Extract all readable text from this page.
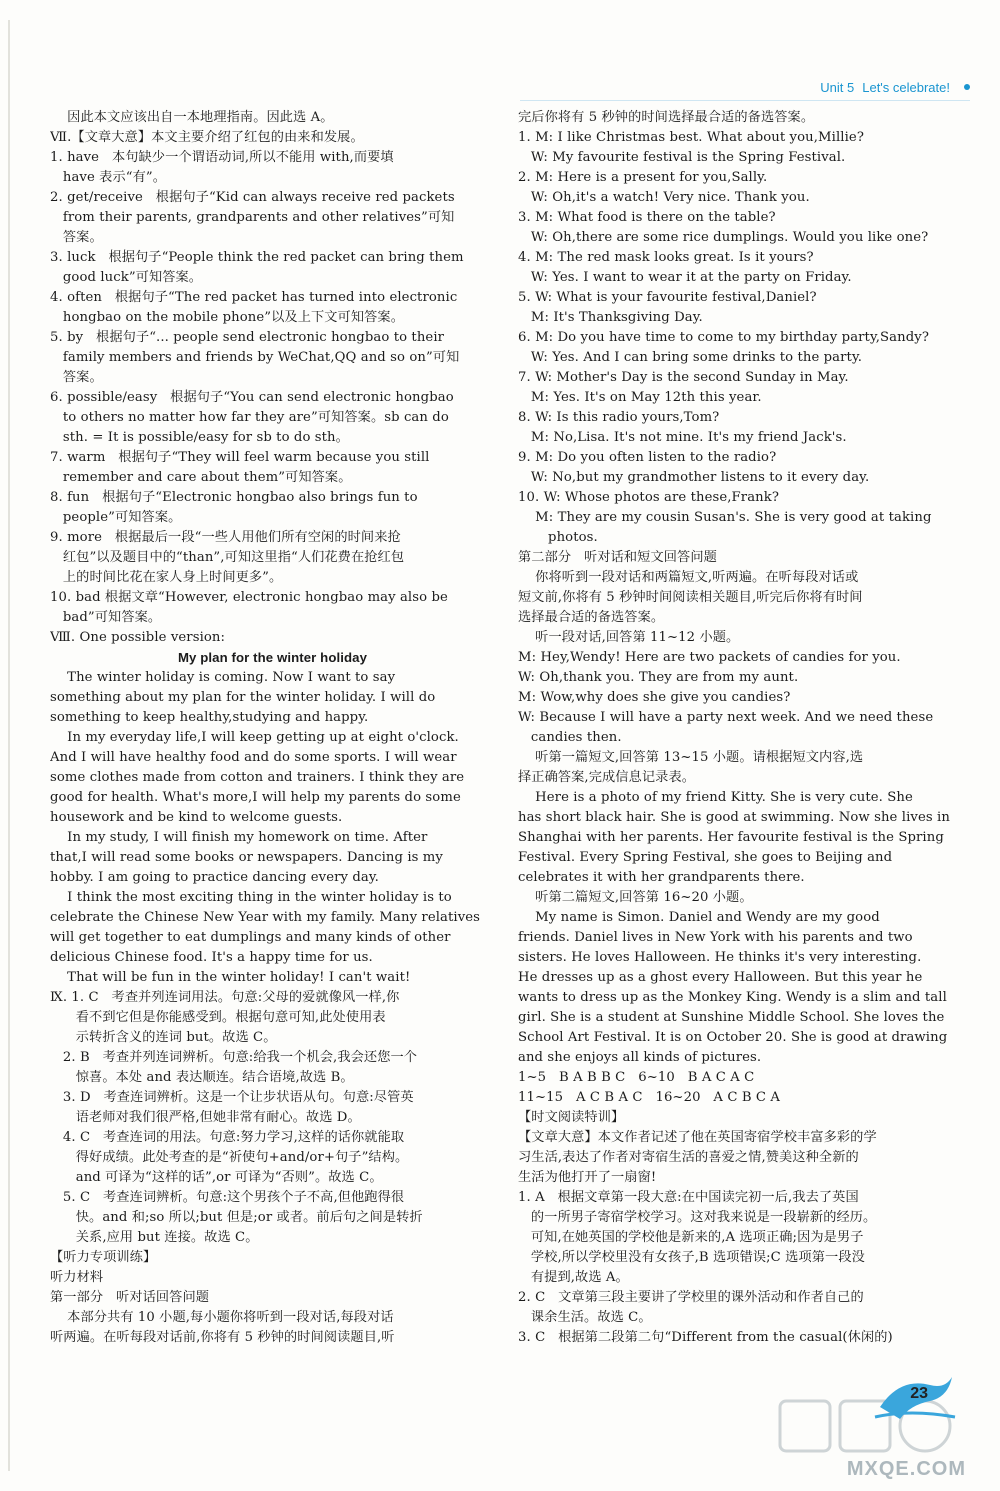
Unit 5 Let's celebrate!
因此本文应该出自一本地理指南。因此选 A。
Ⅶ.【文章大意】本文主要介绍了红包的由来和发展。
1. have   本句缺少一个谓语动词,所以不能用 with,而要填
have 表示“有”。
2. get/receive   根据句子“Kid can always receive red packets
from their parents, grandparents and other relatives”可知
答案。
3. luck   根据句子“People think the red packet can bring them
good luck”可知答案。
4. often   根据句子“The red packet has turned into electronic
hongbao on the mobile phone”以及上下文可知答案。
5. by   根据句子“... people send electronic hongbao to their
family members and friends by WeChat,QQ and so on”可知
答案。
6. possible/easy   根据句子“You can send electronic hongbao
to others no matter how far they are”可知答案。sb can do
sth. = It is possible/easy for sb to do sth。
7. warm   根据句子“They will feel warm because you still
remember and care about them”可知答案。
8. fun   根据句子“Electronic hongbao also brings fun to
people”可知答案。
9. more   根据最后一段“一些人用他们所有空闲的时间来抢
红包”以及题目中的“than”,可知这里指“人们花费在抢红包
上的时间比花在家人身上时间更多”。
10. bad 根据文章“However, electronic hongbao may also be
bad”可知答案。
Ⅷ. One possible version:
My plan for the winter holiday
The winter holiday is coming. Now I want to say
something about my plan for the winter holiday. I will do
something to keep healthy,studying and happy.
In my everyday life,I will keep getting up at eight o'clock.
And I will have healthy food and do some sports. I will wear
some clothes made from cotton and trainers. I think they are
good for health. What's more,I will help my parents do some
housework and be kind to welcome guests.
In my study, I will finish my homework on time. After
that,I will read some books or newspapers. Dancing is my
hobby. I am going to practice dancing every day.
I think the most exciting thing in the winter holiday is to
celebrate the Chinese New Year with my family. Many relatives
will get together to eat dumplings and many kinds of other
delicious Chinese food. It's a happy time for us.
That will be fun in the winter holiday! I can't wait!
Ⅸ. 1. C   考查并列连词用法。句意:父母的爱就像风一样,你
看不到它但是你能感受到。根据句意可知,此处使用表
示转折含义的连词 but。故选 C。
2. B   考查并列连词辨析。句意:给我一个机会,我会还您一个
惊喜。本处 and 表达顺连。结合语境,故选 B。
3. D   考查连词辨析。这是一个让步状语从句。句意:尽管英
语老师对我们很严格,但她非常有耐心。故选 D。
4. C   考查连词的用法。句意:努力学习,这样的话你就能取
得好成绩。此处考查的是“祈使句+and/or+句子”结构。
and 可译为“这样的话”,or 可译为“否则”。故选 C。
5. C   考查连词辨析。句意:这个男孩个子不高,但他跑得很
快。and 和;so 所以;but 但是;or 或者。前后句之间是转折
关系,应用 but 连接。故选 C。
【听力专项训练】
听力材料
第一部分   听对话回答问题
本部分共有 10 小题,每小题你将听到一段对话,每段对话
听两遍。在听每段对话前,你将有 5 秒钟的时间阅读题目,听
完后你将有 5 秒钟的时间选择最合适的备选答案。
1. M: I like Christmas best. What about you,Millie?
W: My favourite festival is the Spring Festival.
2. M: Here is a present for you,Sally.
W: Oh,it's a watch! Very nice. Thank you.
3. M: What food is there on the table?
W: Oh,there are some rice dumplings. Would you like one?
4. M: The red mask looks great. Is it yours?
W: Yes. I want to wear it at the party on Friday.
5. W: What is your favourite festival,Daniel?
M: It's Thanksgiving Day.
6. M: Do you have time to come to my birthday party,Sandy?
W: Yes. And I can bring some drinks to the party.
7. W: Mother's Day is the second Sunday in May.
M: Yes. It's on May 12th this year.
8. W: Is this radio yours,Tom?
M: No,Lisa. It's not mine. It's my friend Jack's.
9. M: Do you often listen to the radio?
W: No,but my grandmother listens to it every day.
10. W: Whose photos are these,Frank?
M: They are my cousin Susan's. She is very good at taking
photos.
第二部分   听对话和短文回答问题
你将听到一段对话和两篇短文,听两遍。在听每段对话或
短文前,你将有 5 秒钟时间阅读相关题目,听完后你将有时间
选择最合适的备选答案。
听一段对话,回答第 11~12 小题。
M: Hey,Wendy! Here are two packets of candies for you.
W: Oh,thank you. They are from my aunt.
M: Wow,why does she give you candies?
W: Because I will have a party next week. And we need these
candies then.
听第一篇短文,回答第 13~15 小题。请根据短文内容,选
择正确答案,完成信息记录表。
Here is a photo of my friend Kitty. She is very cute. She
has short black hair. She is good at swimming. Now she lives in
Shanghai with her parents. Her favourite festival is the Spring
Festival. Every Spring Festival, she goes to Beijing and
celebrates it with her grandparents there.
听第二篇短文,回答第 16~20 小题。
My name is Simon. Daniel and Wendy are my good
friends. Daniel lives in New York with his parents and two
sisters. He loves Halloween. He thinks it's very interesting.
He dresses up as a ghost every Halloween. But this year he
wants to dress up as the Monkey King. Wendy is a slim and tall
girl. She is a student at Sunshine Middle School. She loves the
School Art Festival. It is on October 20. She is good at drawing
and she enjoys all kinds of pictures.
1~5   B A B B C   6~10   B A C A C
11~15   A C B A C   16~20   A C B C A
【时文阅读特训】
【文章大意】本文作者记述了他在英国寄宿学校丰富多彩的学
习生活,表达了作者对寄宿生活的喜爱之情,赞美这种全新的
生活为他打开了一扇窗!
1. A   根据文章第一段大意:在中国读完初一后,我去了英国
的一所男子寄宿学校学习。这对我来说是一段崭新的经历。
可知,在她英国的学校他是新来的,A 选项正确;因为是男子
学校,所以学校里没有女孩子,B 选项错误;C 选项第一段没
有提到,故选 A。
2. C   文章第三段主要讲了学校里的课外活动和作者自己的
课余生活。故选 C。
3. C   根据第二段第二句“Different from the casual(休闲的)
23
MXQE.COM
